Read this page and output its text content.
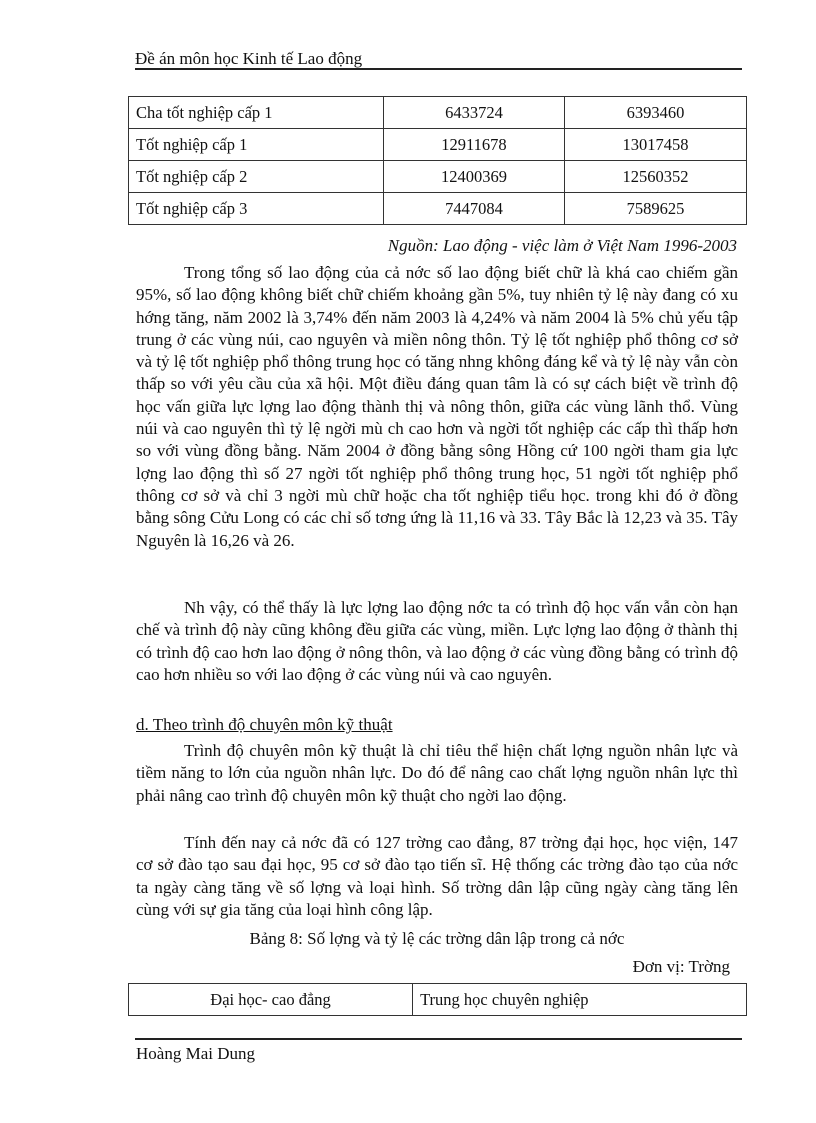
Đề án môn học Kinh tế Lao động
Cha tốt nghiệp cấp 1	6433724	6393460
Tốt nghiệp cấp 1	12911678	13017458
Tốt nghiệp cấp 2	12400369	12560352
Tốt nghiệp cấp 3	7447084	7589625
Nguồn: Lao động - việc làm ở Việt Nam 1996-2003

Trong tổng số lao động của cả nớc số lao động biết chữ là khá cao chiếm gần 95%, số lao động không biết chữ chiếm khoảng gần 5%, tuy nhiên tỷ lệ này đang có xu hớng tăng, năm 2002 là 3,74% đến năm 2003 là 4,24% và năm 2004 là 5% chủ yếu tập trung ở các vùng núi, cao nguyên và miền nông thôn. Tỷ lệ tốt nghiệp phổ thông cơ sở và tỷ lệ tốt nghiệp phổ thông trung học có tăng nhng không đáng kể và tỷ lệ này vẫn còn thấp so với yêu cầu của xã hội. Một điều đáng quan tâm là có sự cách biệt về trình độ học vấn giữa lực lợng lao động thành thị và nông thôn, giữa các vùng lãnh thổ. Vùng núi và cao nguyên thì tỷ lệ ngời mù ch cao hơn và ngời tốt nghiệp các cấp thì thấp hơn so với vùng đồng bằng. Năm 2004 ở đồng bằng sông Hồng cứ 100 ngời tham gia lực lợng lao động thì số 27 ngời tốt nghiệp phổ thông trung học, 51 ngời tốt nghiệp phổ thông cơ sở và chỉ 3 ngời mù chữ hoặc cha tốt nghiệp tiểu học. trong khi đó ở đồng bằng sông Cửu Long có các chỉ số tơng ứng là 11,16 và 33. Tây Bắc là 12,23 và 35. Tây Nguyên là 16,26 và 26.

Nh vậy, có thể thấy là lực lợng lao động nớc ta có trình độ học vấn vẫn còn hạn chế và trình độ này cũng không đều giữa các vùng, miền. Lực lợng lao động ở thành thị có trình độ cao hơn lao động ở nông thôn, và lao động ở các vùng đồng bằng có trình độ cao hơn nhiều so với lao động ở các vùng núi và cao nguyên.

d. Theo trình độ chuyên môn kỹ thuật

Trình độ chuyên môn kỹ thuật là chỉ tiêu thể hiện chất lợng nguồn nhân lực và tiềm năng to lớn của nguồn nhân lực. Do đó để nâng cao chất lợng nguồn nhân lực thì phải nâng cao trình độ chuyên môn kỹ thuật cho ngời lao động.

Tính đến nay cả nớc đã có 127 trờng cao đẳng, 87 trờng đại học, học viện, 147 cơ sở đào tạo sau đại học, 95 cơ sở đào tạo tiến sĩ. Hệ thống các trờng đào tạo của nớc ta ngày càng tăng về số lợng và loại hình. Số trờng dân lập cũng ngày càng tăng lên cùng với sự gia tăng của loại hình công lập.

Bảng 8: Số lợng và tỷ lệ các trờng dân lập trong cả nớc
Đơn vị: Trờng
Đại học- cao đẳng	Trung học chuyên nghiệp
Hoàng Mai Dung
